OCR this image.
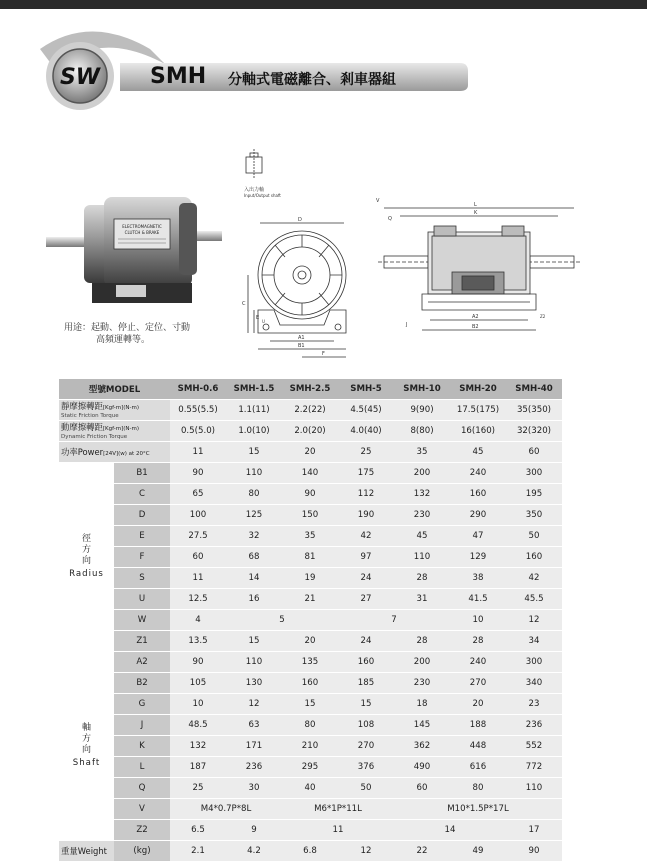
SW SMH 分軸式電磁離合、剎車器組
ELECTROMAGNETIC
CLUTCH & BRAKE
用途：起動、停止、定位、寸動
高頻運轉等。
入出力軸
Input/Output shaft
D
C
E
A1
B1
F
U
L
K
V
Q
A2
B2
J
Z2
型號MODEL		SMH-0.6	SMH-1.5	SMH-2.5	SMH-5	SMH-10	SMH-20	SMH-40

靜摩擦轉距[Kgf-m](N-m)
Static Friction Torque		0.55(5.5)	1.1(11)	2.2(22)	4.5(45)	9(90)	17.5(175)	35(350)

動摩擦轉距[Kgf-m](N-m)
Dynamic Friction Torque		0.5(5.0)	1.0(10)	2.0(20)	4.0(40)	8(80)	16(160)	32(320)
功率Power[24V](w) at 20°C		11	15	20	25	35	45	60

徑
方
向
Radius	B1	90	110	140	175	200	240	300
	C	65	80	90	112	132	160	195
	D	100	125	150	190	230	290	350
	E	27.5	32	35	42	45	47	50
	F	60	68	81	97	110	129	160
	S	11	14	19	24	28	38	42
	U	12.5	16	21	27	31	41.5	45.5
	W	4	5		7		10	12
	Z1	13.5	15	20	24	28	28	34

軸
方
向
Shaft	A2	90	110	135	160	200	240	300
	B2	105	130	160	185	230	270	340
	G	10	12	15	15	18	20	23
	J	48.5	63	80	108	145	188	236
	K	132	171	210	270	362	448	552
	L	187	236	295	376	490	616	772
	Q	25	30	40	50	60	80	110
	V	M4*0.7P*8L		M6*1P*11L		M10*1.5P*17L		
	Z2	6.5	9	11		14		17
重量Weight	(kg)	2.1	4.2	6.8	12	22	49	90
